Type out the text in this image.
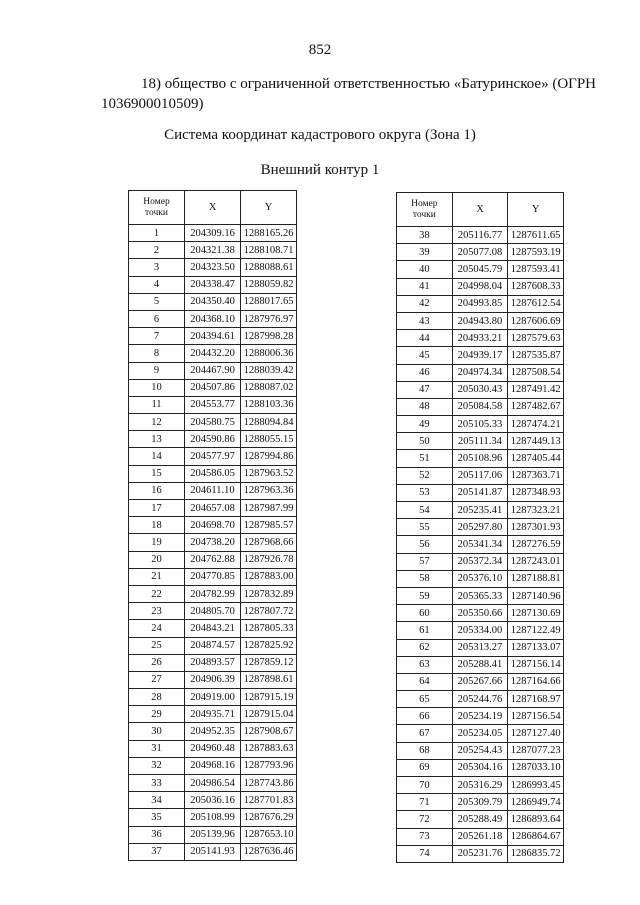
852
18) общество с ограниченной ответственностью «Батуринское» (ОГРН 1036900010509)
Система координат кадастрового округа (Зона 1)
Внешний контур 1
Номер
точки	X	Y
1	204309.16	1288165.26
2	204321.38	1288108.71
3	204323.50	1288088.61
4	204338.47	1288059.82
5	204350.40	1288017.65
6	204368.10	1287976.97
7	204394.61	1287998.28
8	204432.20	1288006.36
9	204467.90	1288039.42
10	204507.86	1288087.02
11	204553.77	1288103.36
12	204580.75	1288094.84
13	204590.86	1288055.15
14	204577.97	1287994.86
15	204586.05	1287963.52
16	204611.10	1287963.36
17	204657.08	1287987.99
18	204698.70	1287985.57
19	204738.20	1287968.66
20	204762.88	1287926.78
21	204770.85	1287883.00
22	204782.99	1287832.89
23	204805.70	1287807.72
24	204843.21	1287805.33
25	204874.57	1287825.92
26	204893.57	1287859.12
27	204906.39	1287898.61
28	204919.00	1287915.19
29	204935.71	1287915.04
30	204952.35	1287908.67
31	204960.48	1287883.63
32	204968.16	1287793.96
33	204986.54	1287743.86
34	205036.16	1287701.83
35	205108.99	1287676.29
36	205139.96	1287653.10
37	205141.93	1287636.46
Номер
точки	X	Y
38	205116.77	1287611.65
39	205077.08	1287593.19
40	205045.79	1287593.41
41	204998.04	1287608.33
42	204993.85	1287612.54
43	204943.80	1287606.69
44	204933.21	1287579.63
45	204939.17	1287535.87
46	204974.34	1287508.54
47	205030.43	1287491.42
48	205084.58	1287482.67
49	205105.33	1287474.21
50	205111.34	1287449.13
51	205108.96	1287405.44
52	205117.06	1287363.71
53	205141.87	1287348.93
54	205235.41	1287323.21
55	205297.80	1287301.93
56	205341.34	1287276.59
57	205372.34	1287243.01
58	205376.10	1287188.81
59	205365.33	1287140.96
60	205350.66	1287130.69
61	205334.00	1287122.49
62	205313.27	1287133.07
63	205288.41	1287156.14
64	205267.66	1287164.66
65	205244.76	1287168.97
66	205234.19	1287156.54
67	205234.05	1287127.40
68	205254.43	1287077.23
69	205304.16	1287033.10
70	205316.29	1286993.45
71	205309.79	1286949.74
72	205288.49	1286893.64
73	205261.18	1286864.67
74	205231.76	1286835.72
